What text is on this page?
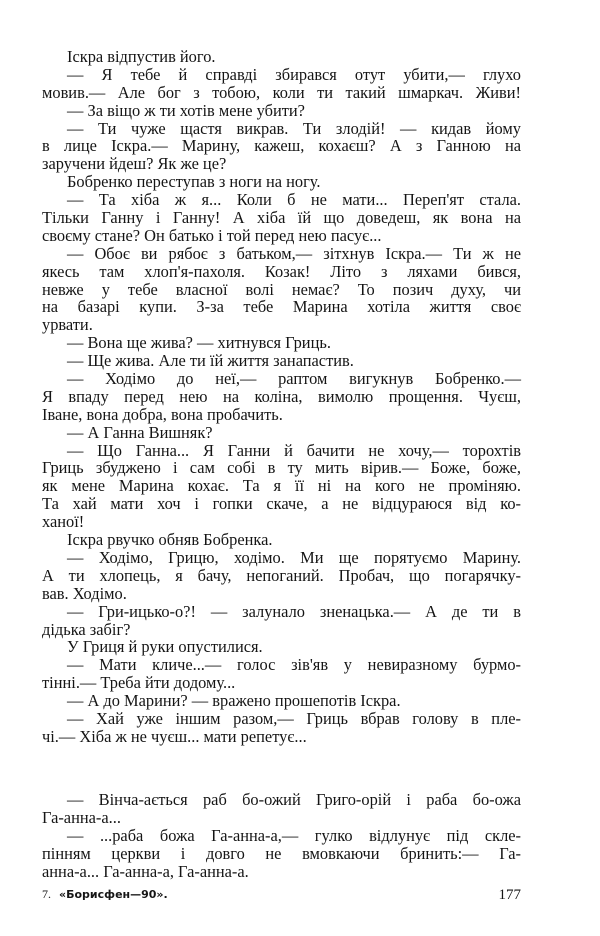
Іскра відпустив його.
— Я тебе й справді збирався отут убити,— глухо
мовив.— Але бог з тобою, коли ти такий шмаркач. Живи!
— За віщо ж ти хотів мене убити?
— Ти чуже щастя викрав. Ти злодій! — кидав йому
в лице Іскра.— Марину, кажеш, кохаєш? А з Ганною на
заручени йдеш? Як же це?
Бобренко переступав з ноги на ногу.
— Та хіба ж я... Коли б не мати... Переп'ят стала.
Тільки Ганну і Ганну! А хіба їй що доведеш, як вона на
своєму стане? Он батько і той перед нею пасує...
— Обоє ви рябоє з батьком,— зітхнув Іскра.— Ти ж не
якесь там хлоп'я-пахоля. Козак! Літо з ляхами бився,
невже у тебе власної волі немає? То позич духу, чи
на базарі купи. З-за тебе Марина хотіла життя своє
урвати.
— Вона ще жива? — хитнувся Гриць.
— Ще жива. Але ти їй життя занапастив.
— Ходімо до неї,— раптом вигукнув Бобренко.—
Я впаду перед нею на коліна, вимолю прощення. Чуєш,
Іване, вона добра, вона пробачить.
— А Ганна Вишняк?
— Що Ганна... Я Ганни й бачити не хочу,— торохтів
Гриць збуджено і сам собі в ту мить вірив.— Боже, боже,
як мене Марина кохає. Та я її ні на кого не проміняю.
Та хай мати хоч і гопки скаче, а не відцураюся від ко-
ханої!
Іскра рвучко обняв Бобренка.
— Ходімо, Грицю, ходімо. Ми ще порятуємо Марину.
А ти хлопець, я бачу, непоганий. Пробач, що погарячку-
вав. Ходімо.
— Гри-ицько-о?! — залунало зненацька.— А де ти в
дідька забіг?
У Гриця й руки опустилися.
— Мати кличе...— голос зів'яв у невиразному бурмо-
тінні.— Треба йти додому...
— А до Марини? — вражено прошепотів Іскра.
— Хай уже іншим разом,— Гриць вбрав голову в пле-
чі.— Хіба ж не чуєш... мати репетує...
— Вінча-ається раб бо-ожий Григо-орій і раба бо-ожа
Га-анна-а...
— ...раба божа Га-анна-а,— гулко відлунує під скле-
пінням церкви і довго не вмовкаючи бринить:— Га-
анна-а... Га-анна-а, Га-анна-а.
7. «Борисфен—90».	177
